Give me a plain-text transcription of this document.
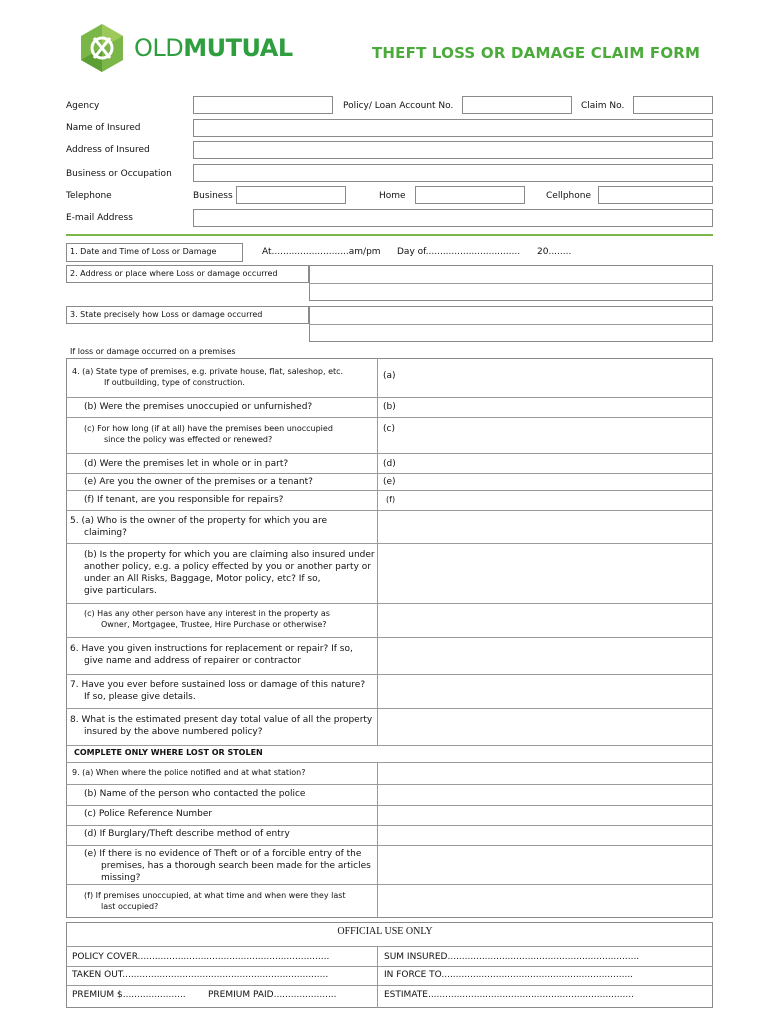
OLDMUTUAL	THEFT LOSS OR DAMAGE CLAIM FORM
Agency	Policy/ Loan Account No.	Claim No.
Name of Insured
Address of Insured
Business or Occupation
Telephone	Business	Home	Cellphone
E-mail Address
1. Date and Time of Loss or Damage	At...........................am/pm Day of................................. 20........
2. Address or place where Loss or damage occurred
3. State precisely how Loss or damage occurred
If loss or damage occurred on a premises
4. (a) State type of premises, e.g. private house, flat, saleshop, etc.
If outbuilding, type of construction.
(a)
(b) Were the premises unoccupied or unfurnished?	(b)
(c) For how long (if at all) have the premises been unoccupied
since the policy was effected or renewed?
(c)
(d) Were the premises let in whole or in part?	(d)
(e) Are you the owner of the premises or a tenant?	(e)
(f) If tenant, are you responsible for repairs?	(f)
5. (a) Who is the owner of the property for which you are
claiming?
(b) Is the property for which you are claiming also insured under
another policy, e.g. a policy effected by you or another party or
under an All Risks, Baggage, Motor policy, etc? If so,
give particulars.
(c) Has any other person have any interest in the property as
Owner, Mortgagee, Trustee, Hire Purchase or otherwise?
6. Have you given instructions for replacement or repair? If so,
give name and address of repairer or contractor
7. Have you ever before sustained loss or damage of this nature?
If so, please give details.
8. What is the estimated present day total value of all the property
insured by the above numbered policy?
COMPLETE ONLY WHERE LOST OR STOLEN
9. (a) When where the police notified and at what station?
(b) Name of the person who contacted the police
(c) Police Reference Number
(d) If Burglary/Theft describe method of entry
(e) If there is no evidence of Theft or of a forcible entry of the
premises, has a thorough search been made for the articles
missing?
(f) If premises unoccupied, at what time and when were they last
last occupied?
OFFICIAL USE ONLY
POLICY COVER...................................................................	SUM INSURED...................................................................
TAKEN OUT........................................................................	IN FORCE TO...................................................................
PREMIUM $...................... PREMIUM PAID......................	ESTIMATE........................................................................
